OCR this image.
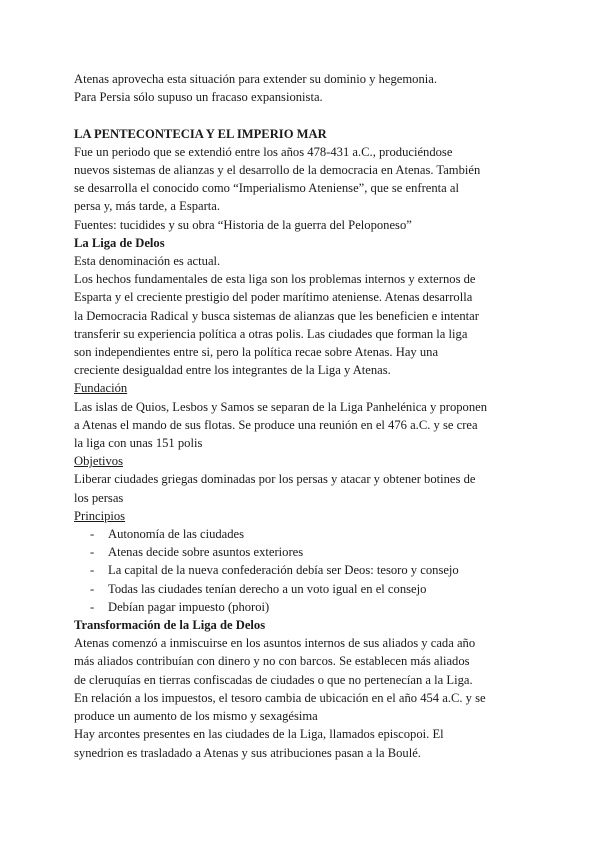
Atenas aprovecha esta situación para extender su dominio y hegemonia.

Para Persia sólo supuso un fracaso expansionista.

LA PENTECONTECIA Y EL IMPERIO MAR

Fue un periodo que se extendió entre los años 478-431 a.C., produciéndose

nuevos sistemas de alianzas y el desarrollo de la democracia en Atenas. También

se desarrolla el conocido como “Imperialismo Ateniense”, que se enfrenta al

persa y, más tarde, a Esparta.

Fuentes: tucidides y su obra “Historia de la guerra del Peloponeso”

La Liga de Delos

Esta denominación es actual.

Los hechos fundamentales de esta liga son los problemas internos y externos de

Esparta y el creciente prestigio del poder marítimo ateniense. Atenas desarrolla

la Democracia Radical y busca sistemas de alianzas que les beneficien e intentar

transferir su experiencia política a otras polis. Las ciudades que forman la liga

son independientes entre si, pero la política recae sobre Atenas. Hay una

creciente desigualdad entre los integrantes de la Liga y Atenas.

Fundación

Las islas de Quios, Lesbos y Samos se separan de la Liga Panhelénica y proponen

a Atenas el mando de sus flotas. Se produce una reunión en el 476 a.C. y se crea

la liga con unas 151 polis

Objetivos

Liberar ciudades griegas dominadas por los persas y atacar y obtener botines de

los persas

Principios

- Autonomía de las ciudades
- Atenas decide sobre asuntos exteriores
- La capital de la nueva confederación debía ser Deos: tesoro y consejo
- Todas las ciudades tenían derecho a un voto igual en el consejo
- Debían pagar impuesto (phoroi)

Transformación de la Liga de Delos

Atenas comenzó a inmiscuirse en los asuntos internos de sus aliados y cada año

más aliados contribuían con dinero y no con barcos. Se establecen más aliados

de cleruquías en tierras confiscadas de ciudades o que no pertenecían a la Liga.

En relación a los impuestos, el tesoro cambia de ubicación en el año 454 a.C. y se

produce un aumento de los mismo y sexagésima

Hay arcontes presentes en las ciudades de la Liga, llamados episcopoi. El

synedrion es trasladado a Atenas y sus atribuciones pasan a la Boulé.
